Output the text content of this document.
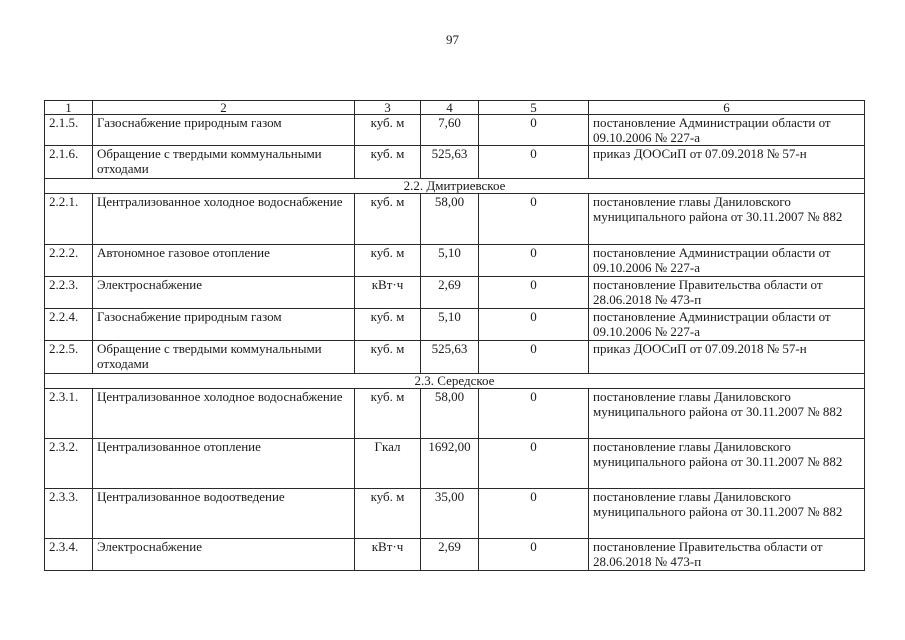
97
1	2	3	4	5	6
2.1.5.	Газоснабжение природным газом	куб. м	7,60	0	постановление Администрации области от 09.10.2006 № 227-а
2.1.6.	Обращение с твердыми коммунальными отходами	куб. м	525,63	0	приказ ДООСиП от 07.09.2018 № 57-н
2.2. Дмитриевское					
2.2.1.	Централизованное холодное водоснабжение	куб. м	58,00	0	постановление главы Даниловского муниципального района от 30.11.2007 № 882
2.2.2.	Автономное газовое отопление	куб. м	5,10	0	постановление Администрации области от 09.10.2006 № 227-а
2.2.3.	Электроснабжение	кВт·ч	2,69	0	постановление Правительства области от 28.06.2018 № 473-п
2.2.4.	Газоснабжение природным газом	куб. м	5,10	0	постановление Администрации области от 09.10.2006 № 227-а
2.2.5.	Обращение с твердыми коммунальными отходами	куб. м	525,63	0	приказ ДООСиП от 07.09.2018 № 57-н
2.3. Середское					
2.3.1.	Централизованное холодное водоснабжение	куб. м	58,00	0	постановление главы Даниловского муниципального района от 30.11.2007 № 882
2.3.2.	Централизованное отопление	Гкал	1692,00	0	постановление главы Даниловского муниципального района от 30.11.2007 № 882
2.3.3.	Централизованное водоотведение	куб. м	35,00	0	постановление главы Даниловского муниципального района от 30.11.2007 № 882
2.3.4.	Электроснабжение	кВт·ч	2,69	0	постановление Правительства области от 28.06.2018 № 473-п
